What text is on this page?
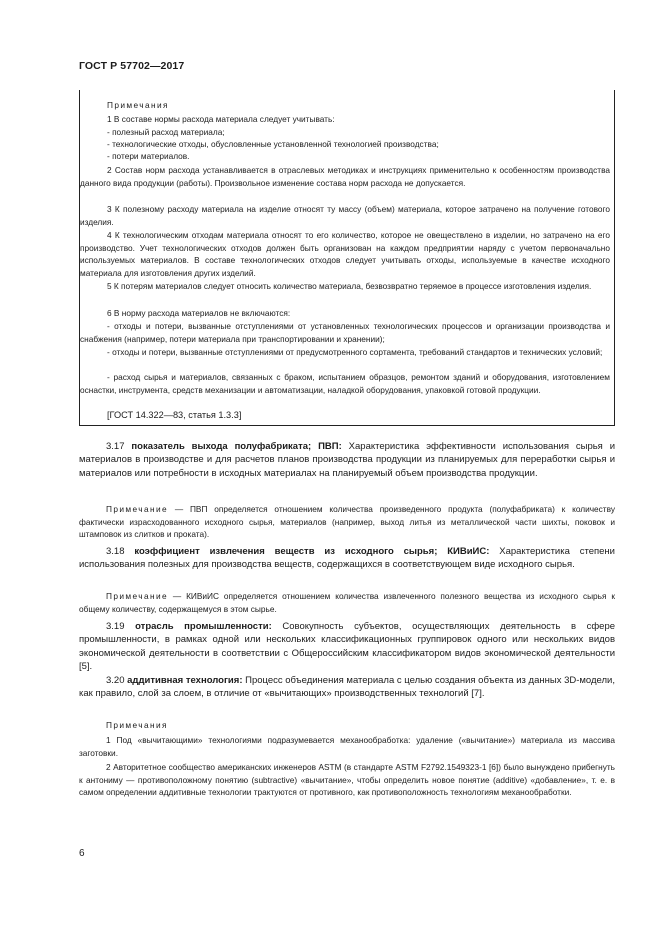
ГОСТ Р 57702—2017
Примечания
1 В составе нормы расхода материала следует учитывать:
- полезный расход материала;
- технологические отходы, обусловленные установленной технологией производства;
- потери материалов.

2 Состав норм расхода устанавливается в отраслевых методиках и инструкциях применительно к особенностям производства данного вида продукции (работы). Произвольное изменение состава норм расхода не допускается.

3 К полезному расходу материала на изделие относят ту массу (объем) материала, которое затрачено на получение готового изделия.

4 К технологическим отходам материала относят то его количество, которое не овеществлено в изделии, но затрачено на его производство. Учет технологических отходов должен быть организован на каждом предприятии наряду с учетом первоначально используемых материалов. В составе технологических отходов следует учитывать отходы, используемые в качестве исходного материала для изготовления других изделий.

5 К потерям материалов следует относить количество материала, безвозвратно теряемое в процессе изготовления изделия.

6 В норму расхода материалов не включаются:

- отходы и потери, вызванные отступлениями от установленных технологических процессов и организации производства и снабжения (например, потери материала при транспортировании и хранении);

- отходы и потери, вызванные отступлениями от предусмотренного сортамента, требований стандартов и технических условий;

- расход сырья и материалов, связанных с браком, испытанием образцов, ремонтом зданий и оборудования, изготовлением оснастки, инструмента, средств механизации и автоматизации, наладкой оборудования, упаковкой готовой продукции.

[ГОСТ 14.322—83, статья 1.3.3]

3.17 показатель выхода полуфабриката; ПВП: Характеристика эффективности использования сырья и материалов в производстве и для расчетов планов производства продукции из планируемых для переработки сырья и материалов или потребности в исходных материалах на планируемый объем производства продукции.

Примечание — ПВП определяется отношением количества произведенного продукта (полуфабриката) к количеству фактически израсходованного исходного сырья, материалов (например, выход литья из металлической части шихты, поковок и штамповок из слитков и проката).

3.18 коэффициент извлечения веществ из исходного сырья; КИВиИС: Характеристика степени использования полезных для производства веществ, содержащихся в соответствующем виде исходного сырья.

Примечание — КИВиИС определяется отношением количества извлеченного полезного вещества из исходного сырья к общему количеству, содержащемуся в этом сырье.

3.19 отрасль промышленности: Совокупность субъектов, осуществляющих деятельность в сфере промышленности, в рамках одной или нескольких классификационных группировок одного или нескольких видов экономической деятельности в соответствии с Общероссийским классификатором видов экономической деятельности [5].

3.20 аддитивная технология: Процесс объединения материала с целью создания объекта из данных 3D-модели, как правило, слой за слоем, в отличие от «вычитающих» производственных технологий [7].

Примечания

1 Под «вычитающими» технологиями подразумевается механообработка: удаление («вычитание») материала из массива заготовки.

2 Авторитетное сообщество американских инженеров ASTM (в стандарте ASTM F2792.1549323-1 [6]) было вынуждено прибегнуть к антониму — противоположному понятию (subtractive) «вычитание», чтобы определить новое понятие (additive) «добавление», т. е. в самом определении аддитивные технологии трактуются от противного, как противоположность технологиям механообработки.

6
